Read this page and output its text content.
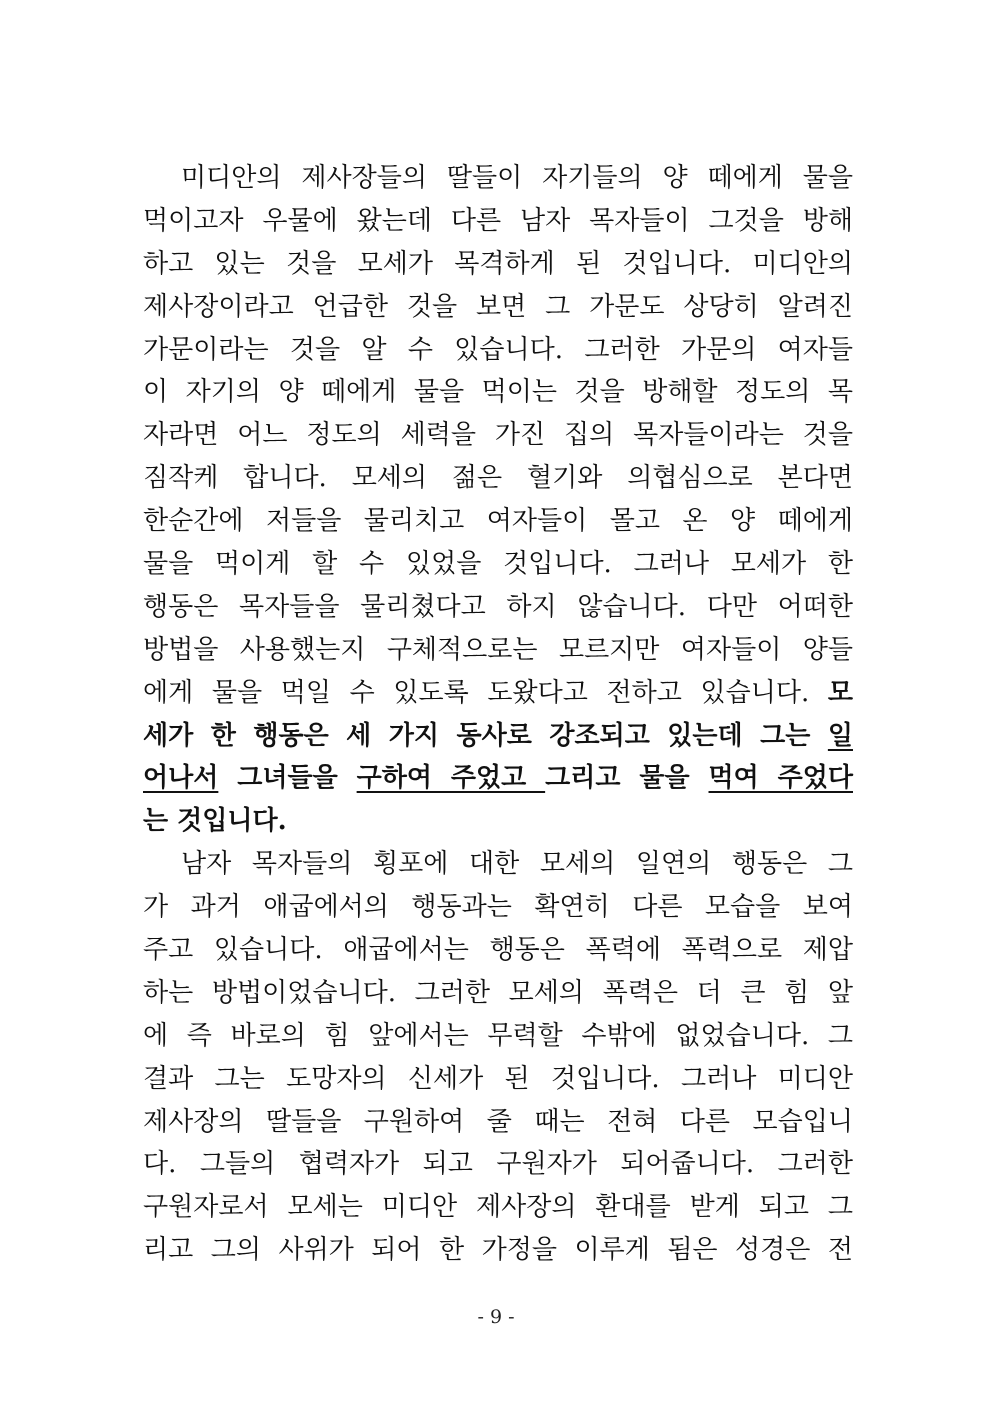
미디안의 제사장들의 딸들이 자기들의 양 떼에게 물을
먹이고자 우물에 왔는데 다른 남자 목자들이 그것을 방해
하고 있는 것을 모세가 목격하게 된 것입니다. 미디안의
제사장이라고 언급한 것을 보면 그 가문도 상당히 알려진
가문이라는 것을 알 수 있습니다. 그러한 가문의 여자들
이 자기의 양 떼에게 물을 먹이는 것을 방해할 정도의 목
자라면 어느 정도의 세력을 가진 집의 목자들이라는 것을
짐작케 합니다. 모세의 젊은 혈기와 의협심으로 본다면
한순간에 저들을 물리치고 여자들이 몰고 온 양 떼에게
물을 먹이게 할 수 있었을 것입니다. 그러나 모세가 한
행동은 목자들을 물리쳤다고 하지 않습니다. 다만 어떠한
방법을 사용했는지 구체적으로는 모르지만 여자들이 양들
에게 물을 먹일 수 있도록 도왔다고 전하고 있습니다. 모
세가 한 행동은 세 가지 동사로 강조되고 있는데 그는 일
어나서 그녀들을 구하여 주었고 그리고 물을 먹여 주었다
는 것입니다.
남자 목자들의 횡포에 대한 모세의 일연의 행동은 그
가 과거 애굽에서의 행동과는 확연히 다른 모습을 보여
주고 있습니다. 애굽에서는 행동은 폭력에 폭력으로 제압
하는 방법이었습니다. 그러한 모세의 폭력은 더 큰 힘 앞
에 즉 바로의 힘 앞에서는 무력할 수밖에 없었습니다. 그
결과 그는 도망자의 신세가 된 것입니다. 그러나 미디안
제사장의 딸들을 구원하여 줄 때는 전혀 다른 모습입니
다. 그들의 협력자가 되고 구원자가 되어줍니다. 그러한
구원자로서 모세는 미디안 제사장의 환대를 받게 되고 그
리고 그의 사위가 되어 한 가정을 이루게 됨은 성경은 전
- 9 -
